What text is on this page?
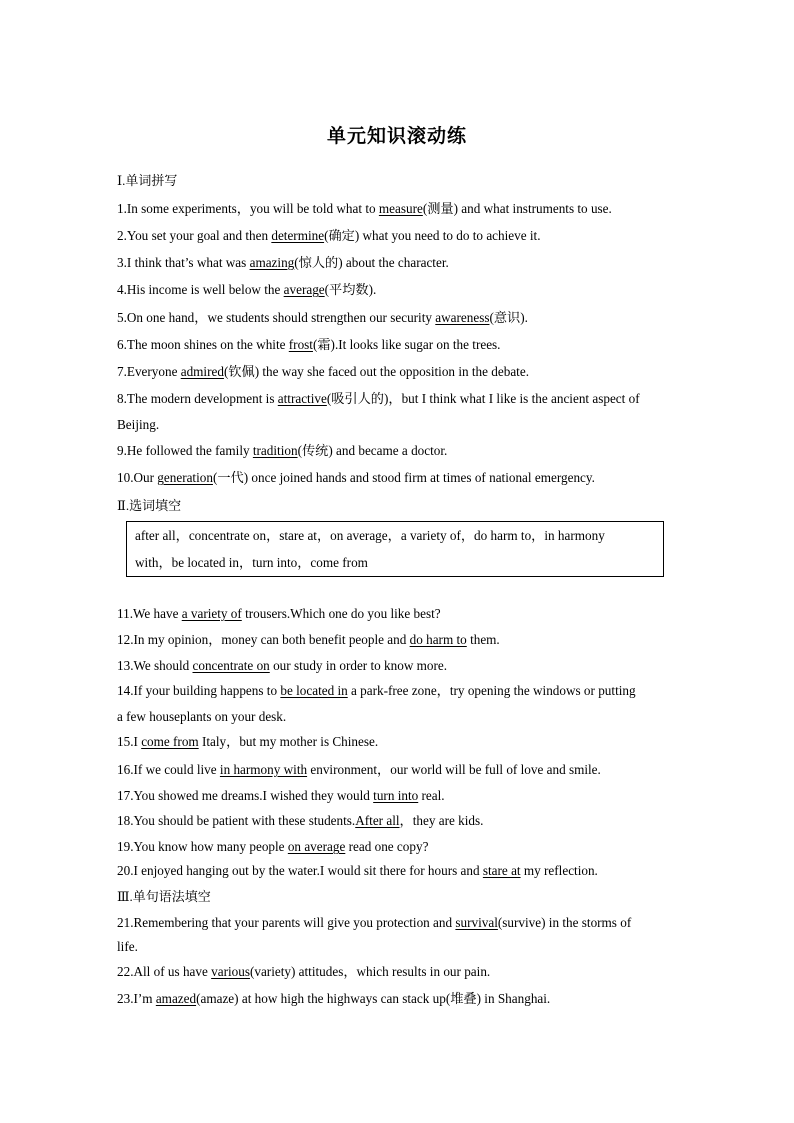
单元知识滚动练
Ⅰ.单词拼写
1.In some experiments，you will be told what to measure(测量) and what instruments to use.
2.You set your goal and then determine(确定) what you need to do to achieve it.
3.I think that’s what was amazing(惊人的) about the character.
4.His income is well below the average(平均数).
5.On one hand，we students should strengthen our security awareness(意识).
6.The moon shines on the white frost(霜).It looks like sugar on the trees.
7.Everyone admired(钦佩) the way she faced out the opposition in the debate.
8.The modern development is attractive(吸引人的)，but I think what I like is the ancient aspect of
Beijing.
9.He followed the family tradition(传统) and became a doctor.
10.Our generation(一代) once joined hands and stood firm at times of national emergency.
Ⅱ.选词填空
after all，concentrate on，stare at，on average，a variety of，do harm to，in harmony
with，be located in，turn into，come from
11.We have a variety of trousers.Which one do you like best?
12.In my opinion，money can both benefit people and do harm to them.
13.We should concentrate on our study in order to know more.
14.If your building happens to be located in a park-free zone，try opening the windows or putting
a few houseplants on your desk.
15.I come from Italy，but my mother is Chinese.
16.If we could live in harmony with environment，our world will be full of love and smile.
17.You showed me dreams.I wished they would turn into real.
18.You should be patient with these students.After all，they are kids.
19.You know how many people on average read one copy?
20.I enjoyed hanging out by the water.I would sit there for hours and stare at my reflection.
Ⅲ.单句语法填空
21.Remembering that your parents will give you protection and survival(survive) in the storms of
life.
22.All of us have various(variety) attitudes，which results in our pain.
23.I’m amazed(amaze) at how high the highways can stack up(堆叠) in Shanghai.
